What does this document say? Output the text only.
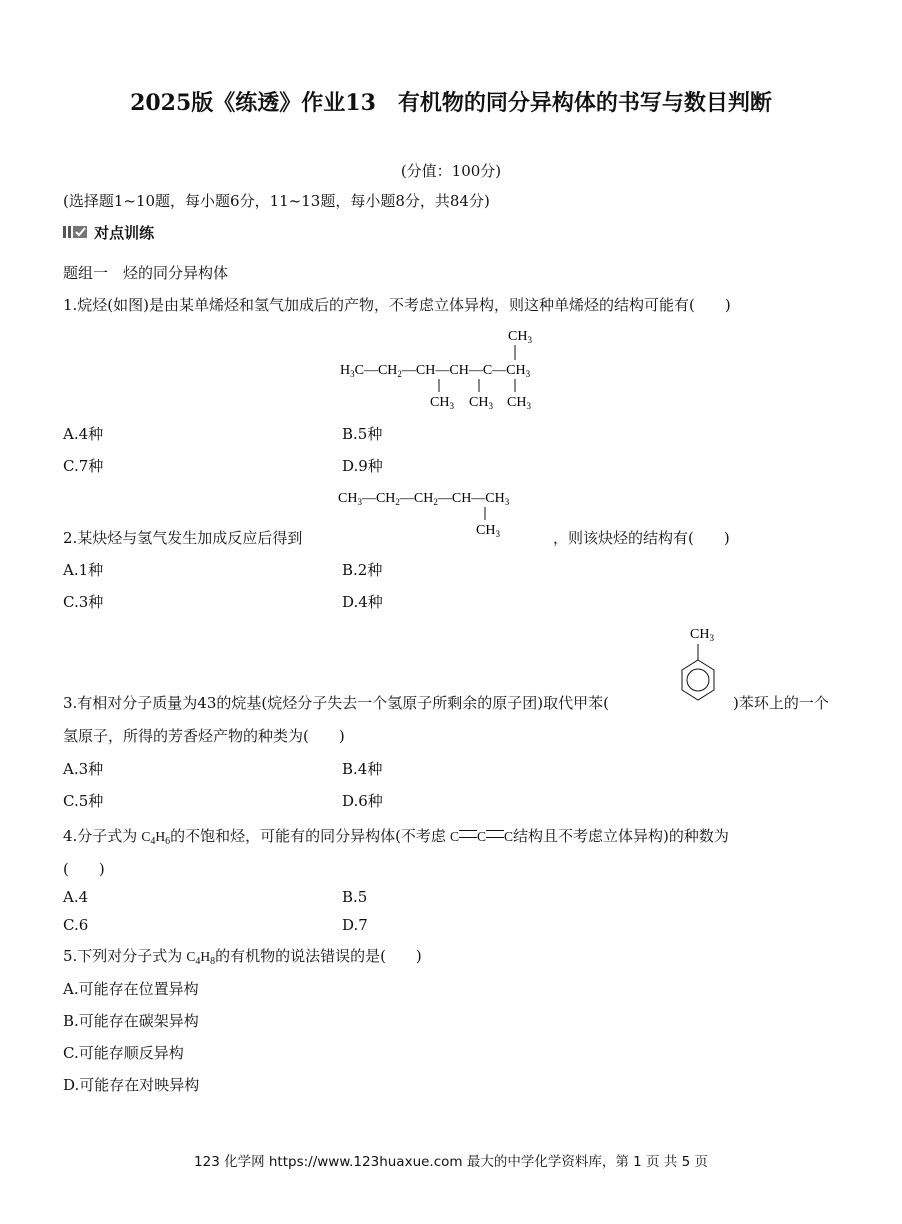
2025版《练透》作业13　有机物的同分异构体的书写与数目判断
(分值：100分)
(选择题1~10题，每小题6分，11~13题，每小题8分，共84分)
对点训练
题组一　烃的同分异构体
1.烷烃(如图)是由某单烯烃和氢气加成后的产物，不考虑立体异构，则这种单烯烃的结构可能有(　　)
$H_3C—CH_2—CH—CH—C—CH_3$
$CH_3$
$CH_3$ $CH_3$ $CH_3$
A.4种	B.5种
C.7种	D.9种
$CH_3—CH_2—CH_2—CH—CH_3$
$CH_3$
2.某炔烃与氢气发生加成反应后得到	，则该炔烃的结构有(　　)
A.1种	B.2种
C.3种	D.4种
$CH_3$
3.有相对分子质量为43的烷基(烷烃分子失去一个氢原子所剩余的原子团)取代甲苯(	)苯环上的一个
氢原子，所得的芳香烃产物的种类为(　　)
A.3种	B.4种
C.5种	D.6种
4.分子式为 $C_4H_6$的不饱和烃，可能有的同分异构体(不考虑 C C C结构且不考虑立体异构)的种数为
(　　)
A.4	B.5
C.6	D.7
5.下列对分子式为 $C_4H_8$的有机物的说法错误的是(　　)
A.可能存在位置异构
B.可能存在碳架异构
C.可能存顺反异构
D.可能存在对映异构
123 化学网 https://www.123huaxue.com 最大的中学化学资料库，第 1 页 共 5 页
